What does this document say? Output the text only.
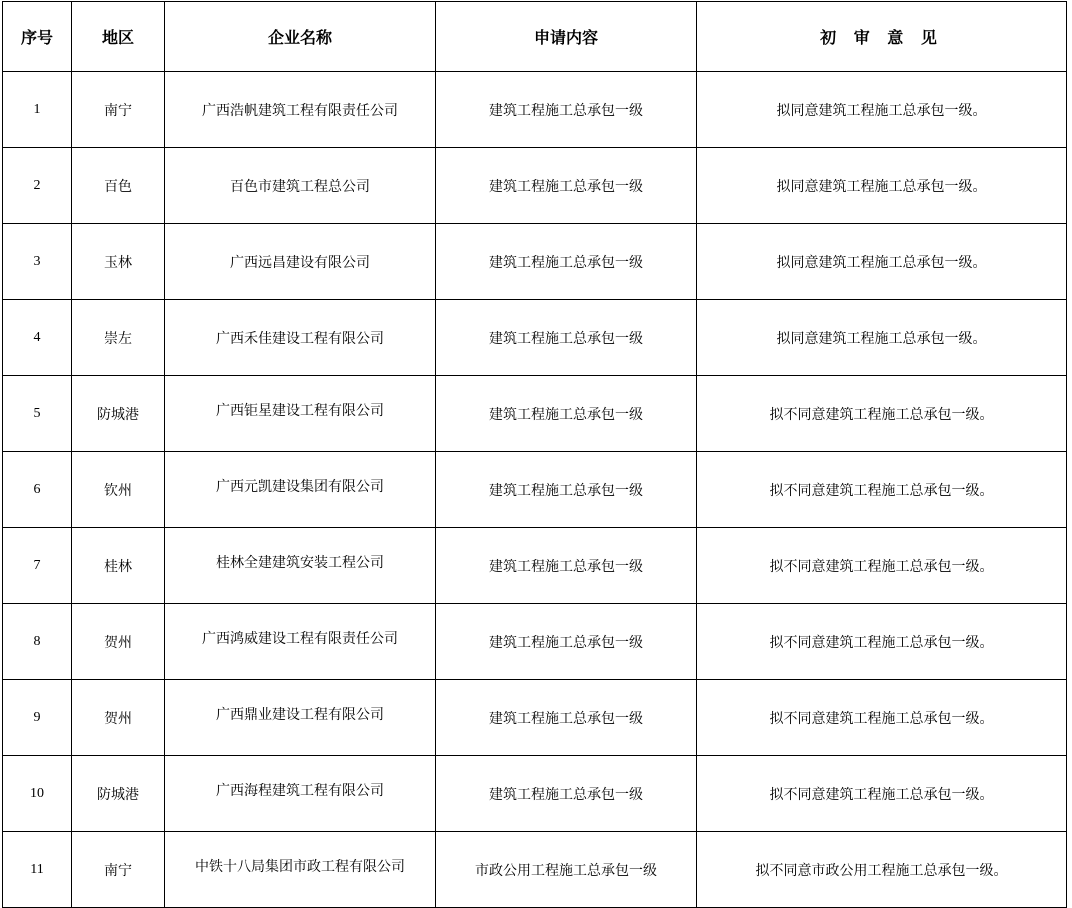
序号	地区	企业名称	申请内容	初 审 意 见
1	南宁	广西浩帆建筑工程有限责任公司	建筑工程施工总承包一级	拟同意建筑工程施工总承包一级。
2	百色	百色市建筑工程总公司	建筑工程施工总承包一级	拟同意建筑工程施工总承包一级。
3	玉林	广西远昌建设有限公司	建筑工程施工总承包一级	拟同意建筑工程施工总承包一级。
4	崇左	广西禾佳建设工程有限公司	建筑工程施工总承包一级	拟同意建筑工程施工总承包一级。
5	防城港	广西钜星建设工程有限公司	建筑工程施工总承包一级	拟不同意建筑工程施工总承包一级。
6	钦州	广西元凯建设集团有限公司	建筑工程施工总承包一级	拟不同意建筑工程施工总承包一级。
7	桂林	桂林全建建筑安装工程公司	建筑工程施工总承包一级	拟不同意建筑工程施工总承包一级。
8	贺州	广西鸿威建设工程有限责任公司	建筑工程施工总承包一级	拟不同意建筑工程施工总承包一级。
9	贺州	广西鼎业建设工程有限公司	建筑工程施工总承包一级	拟不同意建筑工程施工总承包一级。
10	防城港	广西海程建筑工程有限公司	建筑工程施工总承包一级	拟不同意建筑工程施工总承包一级。
11	南宁	中铁十八局集团市政工程有限公司	市政公用工程施工总承包一级	拟不同意市政公用工程施工总承包一级。
